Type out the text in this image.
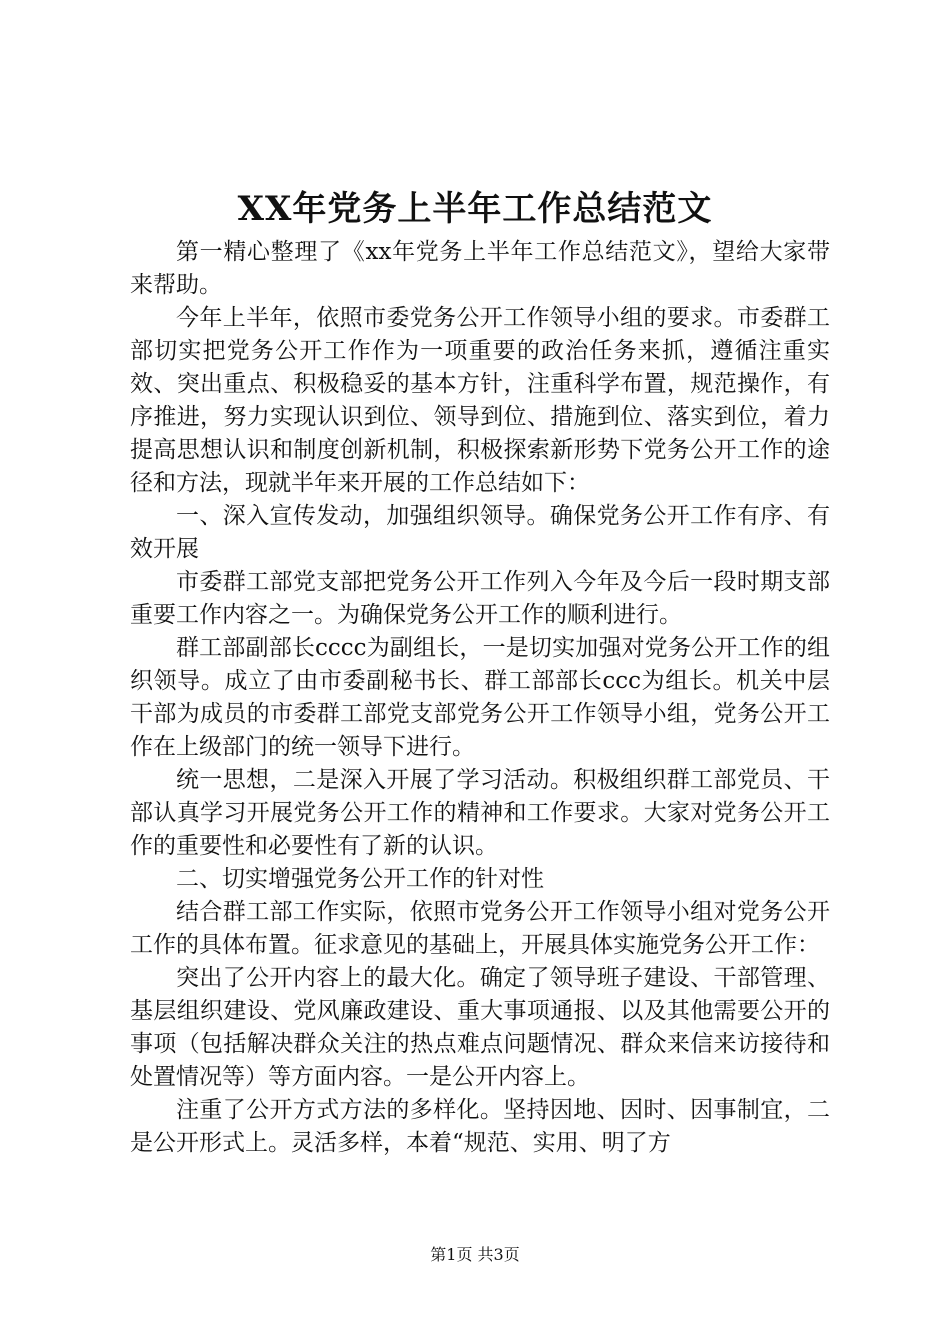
XX年党务上半年工作总结范文

第一精心整理了《xx年党务上半年工作总结范文》，望给大家带来帮助。

今年上半年，依照市委党务公开工作领导小组的要求。市委群工部切实把党务公开工作作为一项重要的政治任务来抓，遵循注重实效、突出重点、积极稳妥的基本方针，注重科学布置，规范操作，有序推进，努力实现认识到位、领导到位、措施到位、落实到位，着力提高思想认识和制度创新机制，积极探索新形势下党务公开工作的途径和方法，现就半年来开展的工作总结如下：

一、深入宣传发动，加强组织领导。确保党务公开工作有序、有效开展

市委群工部党支部把党务公开工作列入今年及今后一段时期支部重要工作内容之一。为确保党务公开工作的顺利进行。

群工部副部长cccc为副组长，一是切实加强对党务公开工作的组织领导。成立了由市委副秘书长、群工部部长ccc为组长。机关中层干部为成员的市委群工部党支部党务公开工作领导小组，党务公开工作在上级部门的统一领导下进行。

统一思想，二是深入开展了学习活动。积极组织群工部党员、干部认真学习开展党务公开工作的精神和工作要求。大家对党务公开工作的重要性和必要性有了新的认识。

二、切实增强党务公开工作的针对性

结合群工部工作实际，依照市党务公开工作领导小组对党务公开工作的具体布置。征求意见的基础上，开展具体实施党务公开工作：

突出了公开内容上的最大化。确定了领导班子建设、干部管理、基层组织建设、党风廉政建设、重大事项通报、以及其他需要公开的事项（包括解决群众关注的热点难点问题情况、群众来信来访接待和处置情况等）等方面内容。一是公开内容上。

注重了公开方式方法的多样化。坚持因地、因时、因事制宜，二是公开形式上。灵活多样，本着“规范、实用、明了方

第1页 共3页
